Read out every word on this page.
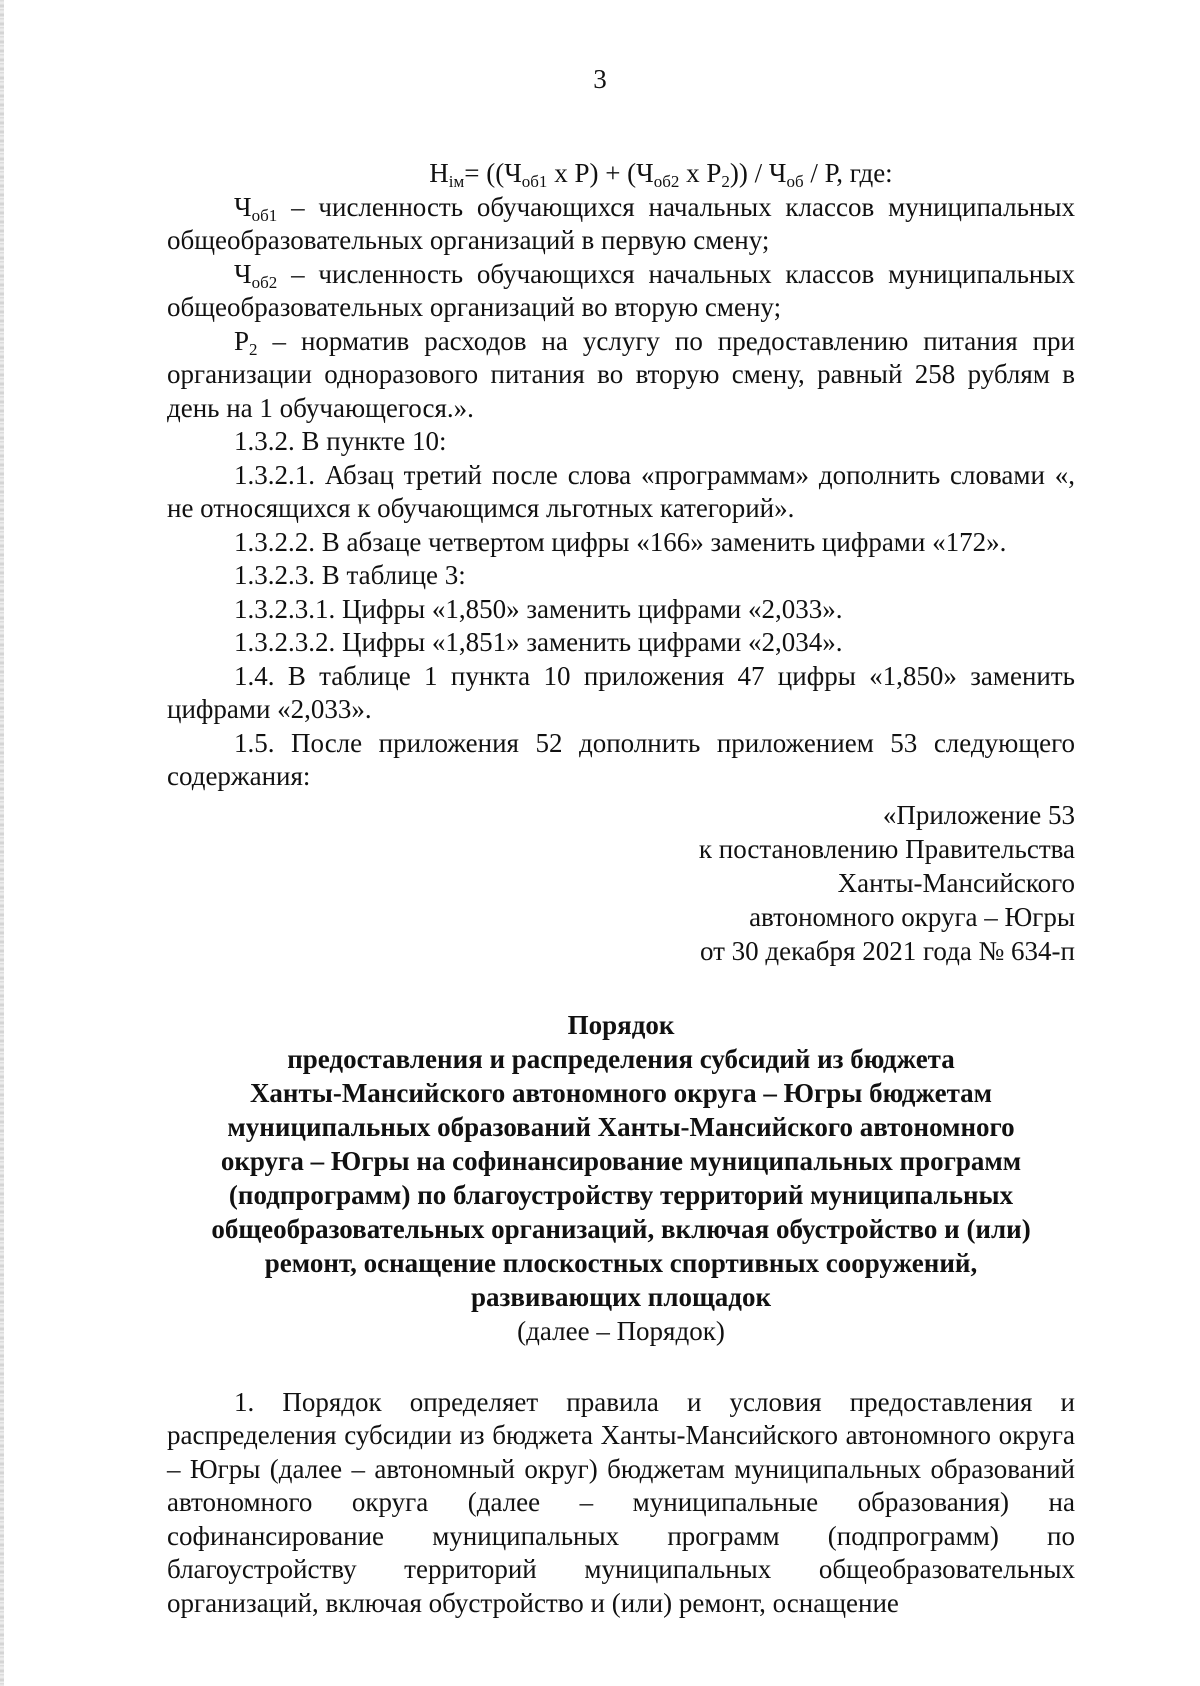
3

$Н_{iм}= ((Ч_{об1}$ х $Р) + (Ч_{об2}$ х $Р_2)) / Ч_{об}$ / Р, где:

$Ч_{об1}$ – численность обучающихся начальных классов муниципальных общеобразовательных организаций в первую смену;

$Ч_{об2}$ – численность обучающихся начальных классов муниципальных общеобразовательных организаций во вторую смену;

$Р_2$ – норматив расходов на услугу по предоставлению питания при организации одноразового питания во вторую смену, равный 258 рублям в день на 1 обучающегося.».

1.3.2. В пункте 10:

1.3.2.1. Абзац третий после слова «программам» дополнить словами «, не относящихся к обучающимся льготных категорий».

1.3.2.2. В абзаце четвертом цифры «166» заменить цифрами «172».

1.3.2.3. В таблице 3:

1.3.2.3.1. Цифры «1,850» заменить цифрами «2,033».

1.3.2.3.2. Цифры «1,851» заменить цифрами «2,034».

1.4. В таблице 1 пункта 10 приложения 47 цифры «1,850» заменить цифрами «2,033».

1.5. После приложения 52 дополнить приложением 53 следующего содержания:

«Приложение 53
к постановлению Правительства
Ханты-Мансийского
автономного округа – Югры
от 30 декабря 2021 года № 634-п
Порядок
предоставления и распределения субсидий из бюджета
Ханты-Мансийского автономного округа – Югры бюджетам
муниципальных образований Ханты-Мансийского автономного
округа – Югры на софинансирование муниципальных программ
(подпрограмм) по благоустройству территорий муниципальных
общеобразовательных организаций, включая обустройство и (или)
ремонт, оснащение плоскостных спортивных сооружений,
развивающих площадок
(далее – Порядок)

1. Порядок определяет правила и условия предоставления и распределения субсидии из бюджета Ханты-Мансийского автономного округа – Югры (далее – автономный округ) бюджетам муниципальных образований автономного округа (далее – муниципальные образования) на софинансирование муниципальных программ (подпрограмм) по благоустройству территорий муниципальных общеобразовательных организаций, включая обустройство и (или) ремонт, оснащение
